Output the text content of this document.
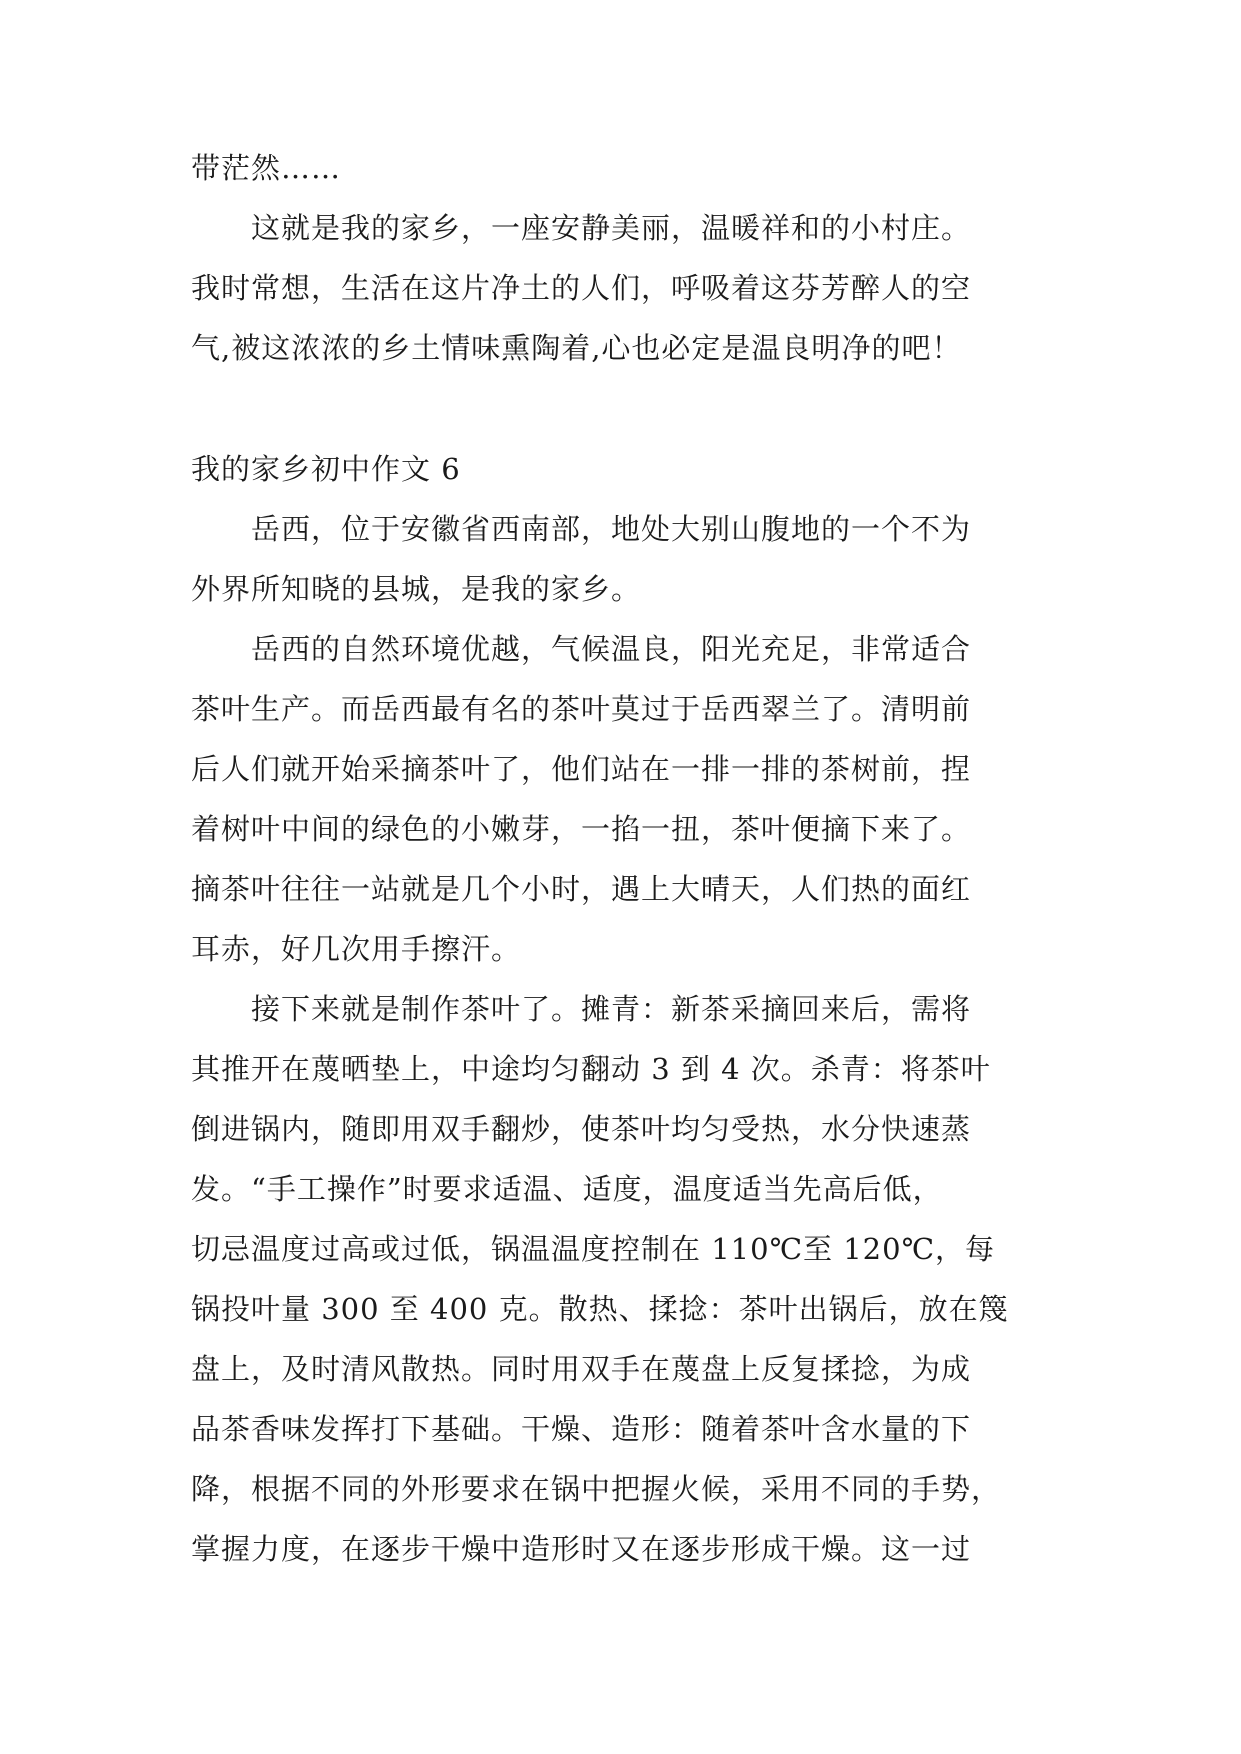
带茫然……
　　这就是我的家乡，一座安静美丽，温暖祥和的小村庄。
我时常想，生活在这片净土的人们，呼吸着这芬芳醉人的空
气,被这浓浓的乡土情味熏陶着,心也必定是温良明净的吧！
我的家乡初中作文 6
　　岳西，位于安徽省西南部，地处大别山腹地的一个不为
外界所知晓的县城，是我的家乡。
　　岳西的自然环境优越，气候温良，阳光充足，非常适合
茶叶生产。而岳西最有名的茶叶莫过于岳西翠兰了。清明前
后人们就开始采摘茶叶了，他们站在一排一排的茶树前，捏
着树叶中间的绿色的小嫩芽，一掐一扭，茶叶便摘下来了。
摘茶叶往往一站就是几个小时，遇上大晴天，人们热的面红
耳赤，好几次用手擦汗。
　　接下来就是制作茶叶了。摊青：新茶采摘回来后，需将
其推开在蔑晒垫上，中途均匀翻动 3 到 4 次。杀青：将茶叶
倒进锅内，随即用双手翻炒，使茶叶均匀受热，水分快速蒸
发。“手工操作”时要求适温、适度，温度适当先高后低，
切忌温度过高或过低，锅温温度控制在 110℃至 120℃，每
锅投叶量 300 至 400 克。散热、揉捻：茶叶出锅后，放在篾
盘上，及时清风散热。同时用双手在蔑盘上反复揉捻，为成
品茶香味发挥打下基础。干燥、造形：随着茶叶含水量的下
降，根据不同的外形要求在锅中把握火候，采用不同的手势，
掌握力度，在逐步干燥中造形时又在逐步形成干燥。这一过
